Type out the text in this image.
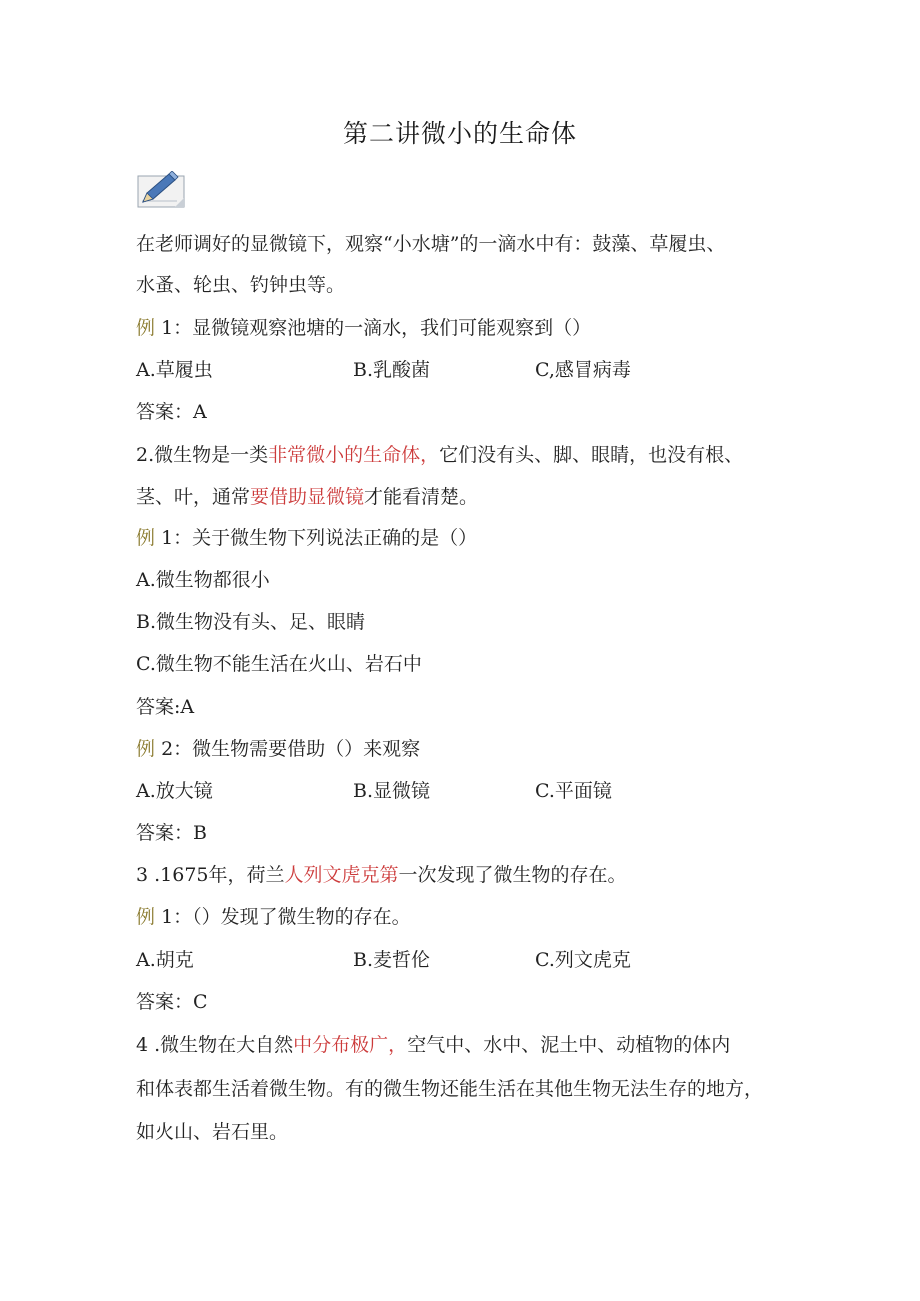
第二讲微小的生命体
在老师调好的显微镜下，观察“小水塘”的一滴水中有：鼓藻、草履虫、
水蚤、轮虫、钓钟虫等。
例 1：显微镜观察池塘的一滴水，我们可能观察到（）
A.草履虫	B.乳酸菌	C,感冒病毒
答案：A
2.微生物是一类非常微小的生命体，它们没有头、脚、眼睛，也没有根、
茎、叶，通常要借助显微镜才能看清楚。
例 1：关于微生物下列说法正确的是（）
A.微生物都很小
B.微生物没有头、足、眼睛
C.微生物不能生活在火山、岩石中
答案:A
例 2：微生物需要借助（）来观察
A.放大镜	B.显微镜	C.平面镜
答案：B
3 .1675年，荷兰人列文虎克第一次发现了微生物的存在。
例 1：（）发现了微生物的存在。
A.胡克	B.麦哲伦	C.列文虎克
答案：C
4 .微生物在大自然中分布极广，空气中、水中、泥土中、动植物的体内
和体表都生活着微生物。有的微生物还能生活在其他生物无法生存的地方，
如火山、岩石里。
